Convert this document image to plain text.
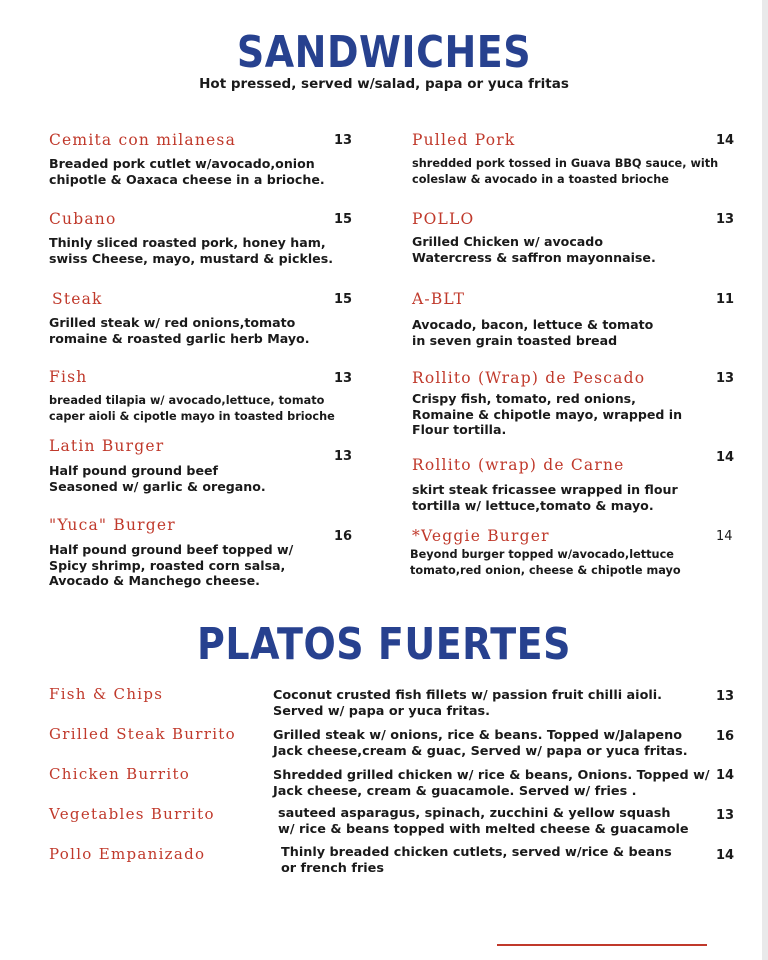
SANDWICHES
Hot pressed, served w/salad, papa or yuca fritas
Cemita con milanesa
Breaded pork cutlet w/avocado,onion
chipotle & Oaxaca cheese in a brioche.
13
Cubano
Thinly sliced roasted pork, honey ham,
swiss Cheese, mayo, mustard & pickles.
15
Steak
Grilled steak w/ red onions,tomato
romaine & roasted garlic herb Mayo.
15
Fish
breaded tilapia w/ avocado,lettuce, tomato
caper aioli & cipotle mayo in toasted brioche
13
Latin Burger
Half pound ground beef
Seasoned w/ garlic & oregano.
13
"Yuca" Burger
Half pound ground beef topped w/
Spicy shrimp, roasted corn salsa,
Avocado & Manchego cheese.
16
Pulled Pork
shredded pork tossed in Guava BBQ sauce, with
coleslaw & avocado in a toasted brioche
14
POLLO
Grilled Chicken w/ avocado
Watercress & saffron mayonnaise.
13
A-BLT
Avocado, bacon, lettuce & tomato
in seven grain toasted bread
11
Rollito (Wrap) de Pescado
Crispy fish, tomato, red onions,
Romaine & chipotle mayo, wrapped in
Flour tortilla.
13
Rollito (wrap) de Carne
skirt steak fricassee wrapped in flour
tortilla w/ lettuce,tomato & mayo.
14
*Veggie Burger
Beyond burger topped w/avocado,lettuce
tomato,red onion, cheese & chipotle mayo
14
PLATOS FUERTES
Fish & Chips	Coconut crusted fish fillets w/ passion fruit chilli aioli.
Served w/ papa or yuca fritas.
13
Grilled Steak Burrito	Grilled steak w/ onions, rice & beans. Topped w/Jalapeno
Jack cheese,cream & guac, Served w/ papa or yuca fritas.
16
Chicken Burrito	Shredded grilled chicken w/ rice & beans, Onions. Topped w/
Jack cheese, cream & guacamole. Served w/ fries .
14
Vegetables Burrito	sauteed asparagus, spinach, zucchini & yellow squash
w/ rice & beans topped with melted cheese & guacamole
13
Pollo Empanizado	Thinly breaded chicken cutlets, served w/rice & beans
or french fries
14
